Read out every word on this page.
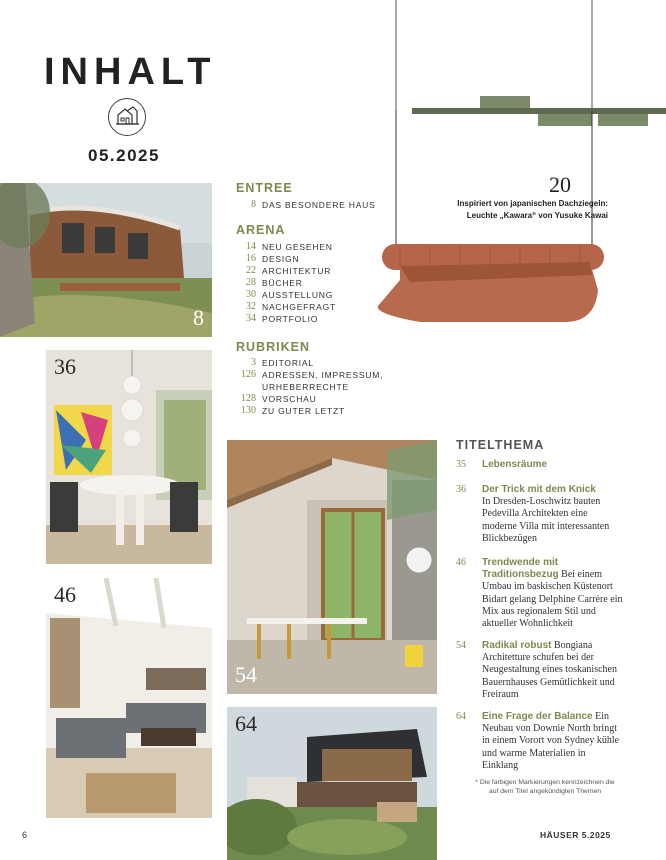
INHALT
05.2025
8
36
46
54
64
20
Inspiriert von japanischen Dachziegeln: Leuchte „Kawara“ von Yusuke Kawai
ENTREE
8 DAS BESONDERE HAUS
ARENA
14 NEU GESEHEN
16 DESIGN
22 ARCHITEKTUR
28 BÜCHER
30 AUSSTELLUNG
32 NACHGEFRAGT
34 PORTFOLIO
RUBRIKEN
3 EDITORIAL
126 ADRESSEN, IMPRESSUM, URHEBERRECHTE
128 VORSCHAU
130 ZU GUTER LETZT
TITELTHEMA
35	Lebensräume
36	Der Trick mit dem Knick
In Dresden-Loschwitz bauten Pedevilla Architekten eine moderne Villa mit interessanten Blickbezügen
46	Trendwende mit Traditionsbezug Bei einem Umbau im baskischen Küstenort Bidart gelang Delphine Carrère ein Mix aus regionalem Stil und aktueller Wohnlichkeit
54	Radikal robust Bongiana Architetture schufen bei der Neugestaltung eines toskanischen Bauernhauses Gemütlichkeit und Freiraum
64	Eine Frage der Balance Ein Neubau von Downie North bringt in einem Vorort von Sydney kühle und warme Materialien in Einklang
* Die farbigen Markierungen kennzeichnen die auf dem Titel angekündigten Themen
6	HÄUSER 5.2025
